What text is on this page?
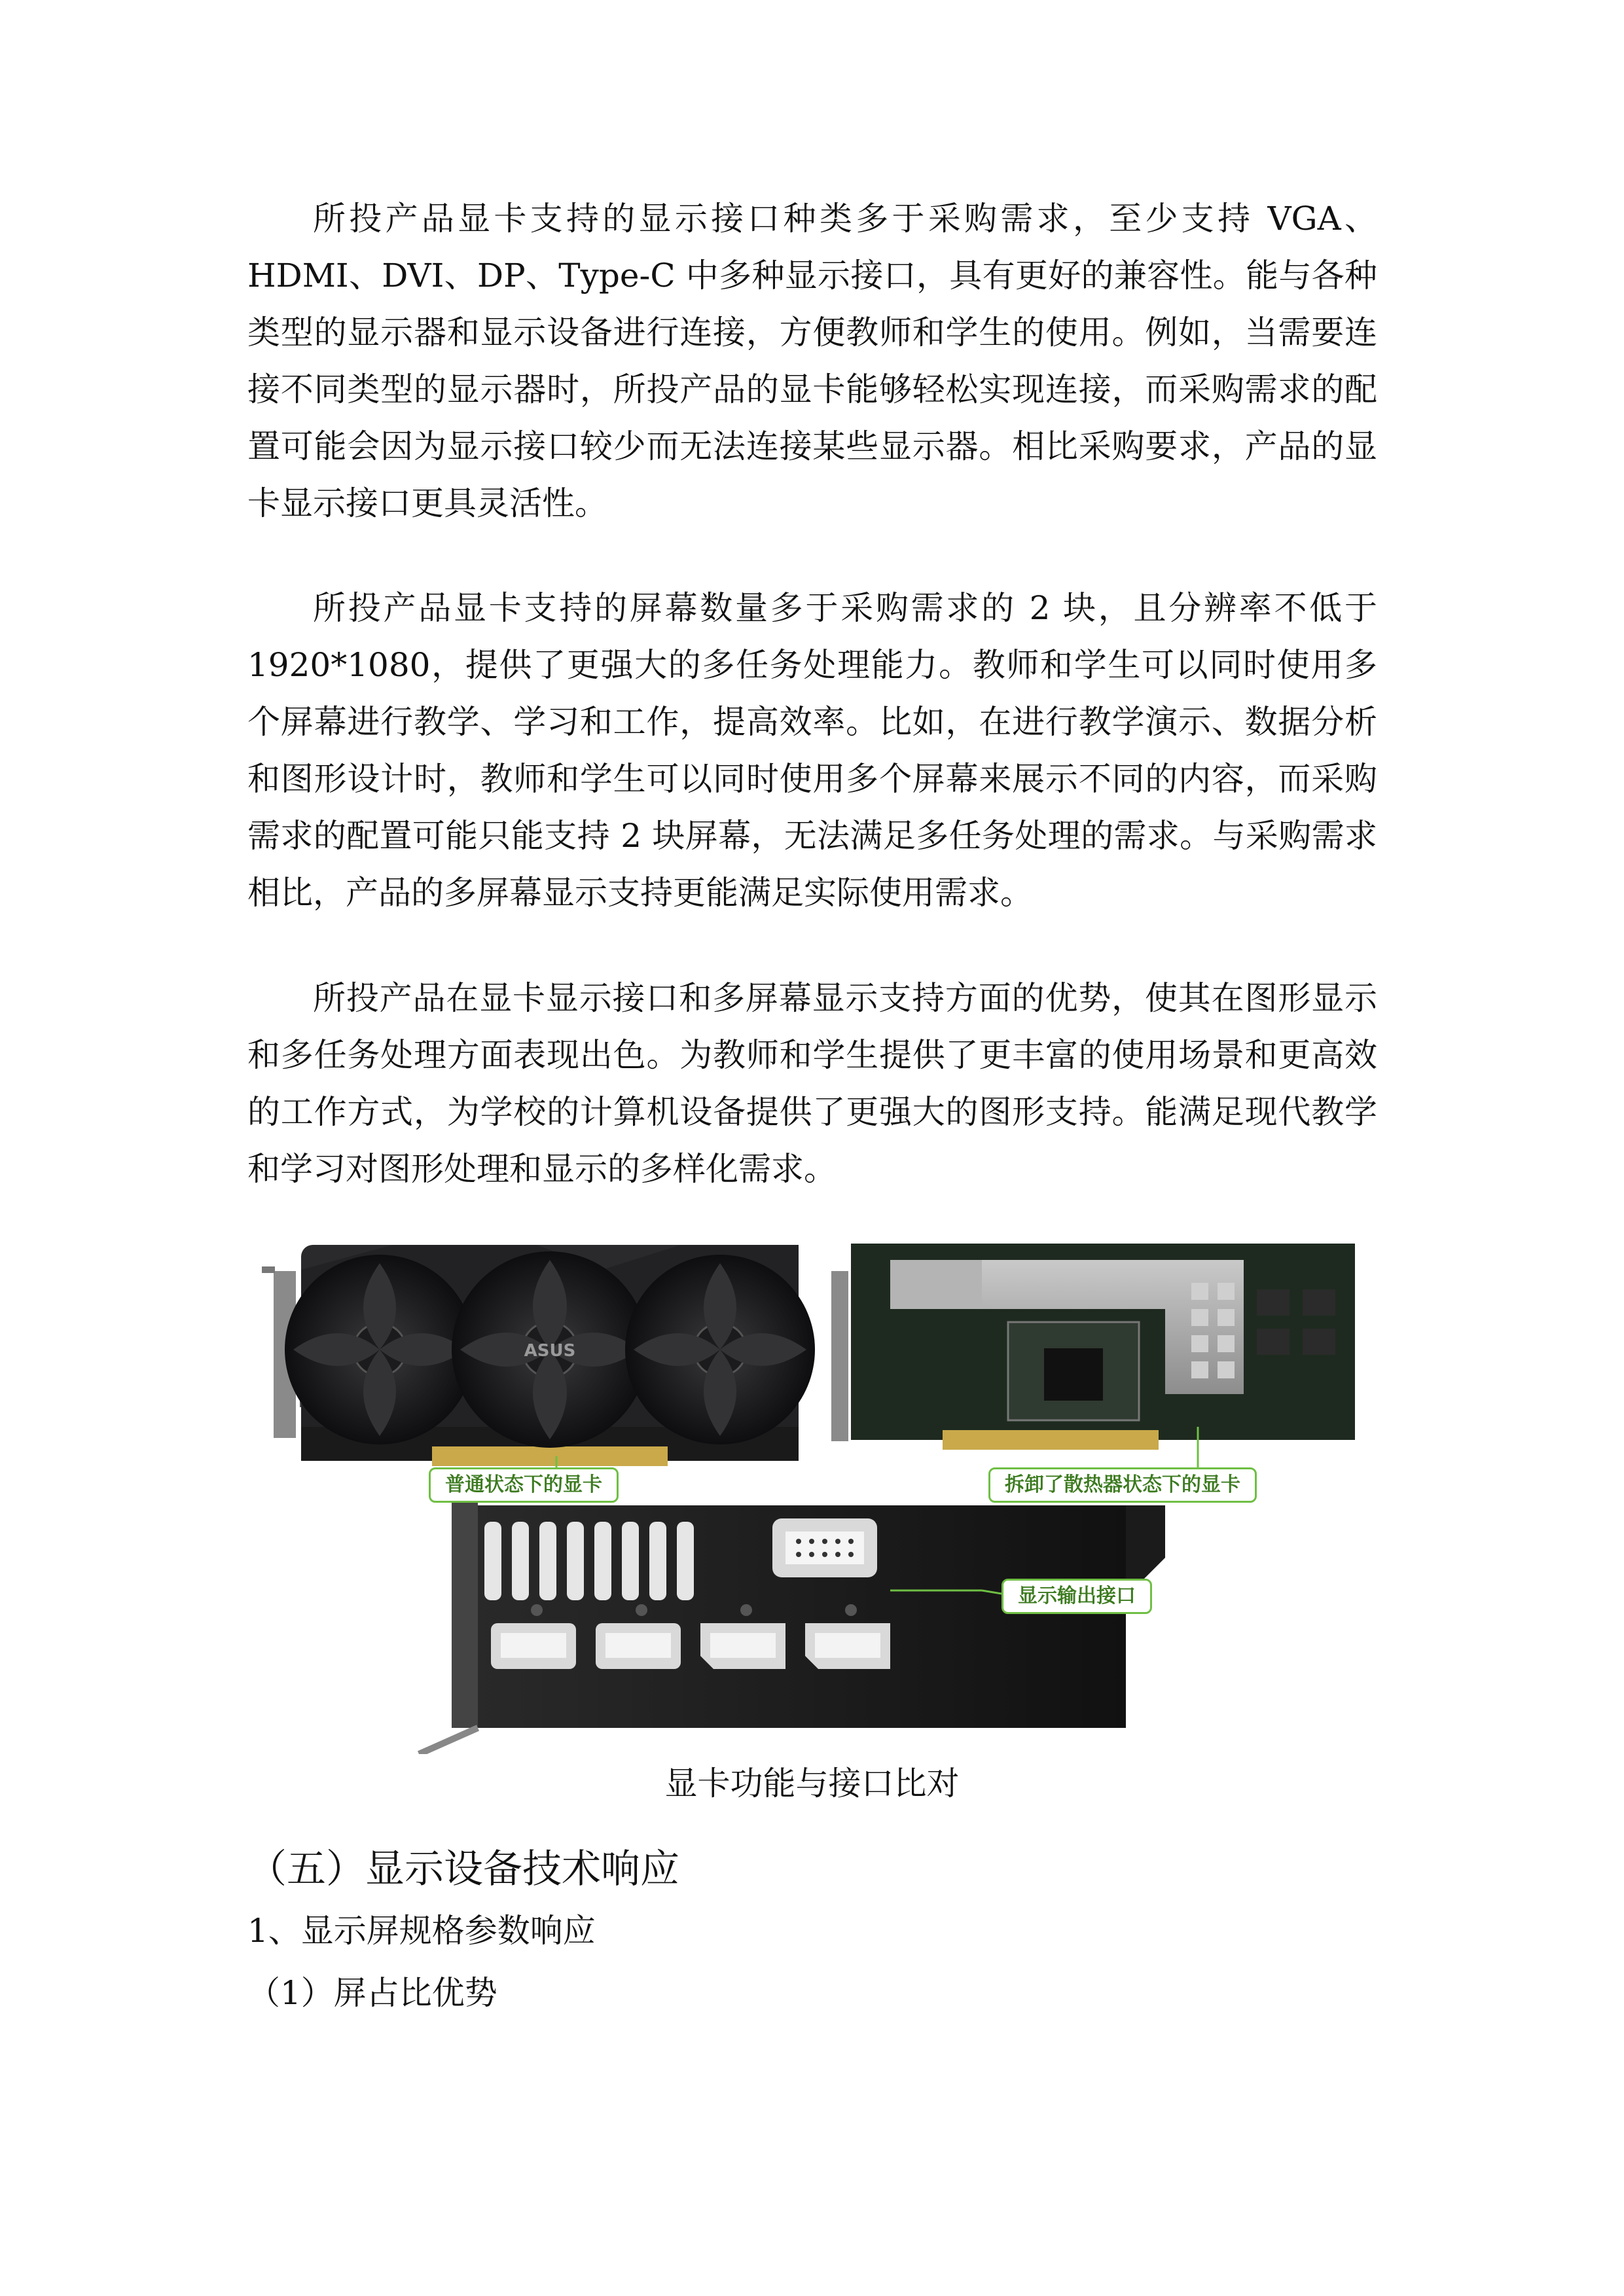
所投产品显卡支持的显示接口种类多于采购需求，至少支持 VGA、HDMI、DVI、DP、Type-C 中多种显示接口，具有更好的兼容性。能与各种类型的显示器和显示设备进行连接，方便教师和学生的使用。例如，当需要连接不同类型的显示器时，所投产品的显卡能够轻松实现连接，而采购需求的配置可能会因为显示接口较少而无法连接某些显示器。相比采购要求，产品的显卡显示接口更具灵活性。

所投产品显卡支持的屏幕数量多于采购需求的 2 块，且分辨率不低于 1920*1080，提供了更强大的多任务处理能力。教师和学生可以同时使用多个屏幕进行教学、学习和工作，提高效率。比如，在进行教学演示、数据分析和图形设计时，教师和学生可以同时使用多个屏幕来展示不同的内容，而采购需求的配置可能只能支持 2 块屏幕，无法满足多任务处理的需求。与采购需求相比，产品的多屏幕显示支持更能满足实际使用需求。

所投产品在显卡显示接口和多屏幕显示支持方面的优势，使其在图形显示和多任务处理方面表现出色。为教师和学生提供了更丰富的使用场景和更高效的工作方式，为学校的计算机设备提供了更强大的图形支持。能满足现代教学和学习对图形处理和显示的多样化需求。

ASUS
普通状态下的显卡	拆卸了散热器状态下的显卡
显示输出接口
显卡功能与接口比对
（五）显示设备技术响应
1、显示屏规格参数响应
（1）屏占比优势
